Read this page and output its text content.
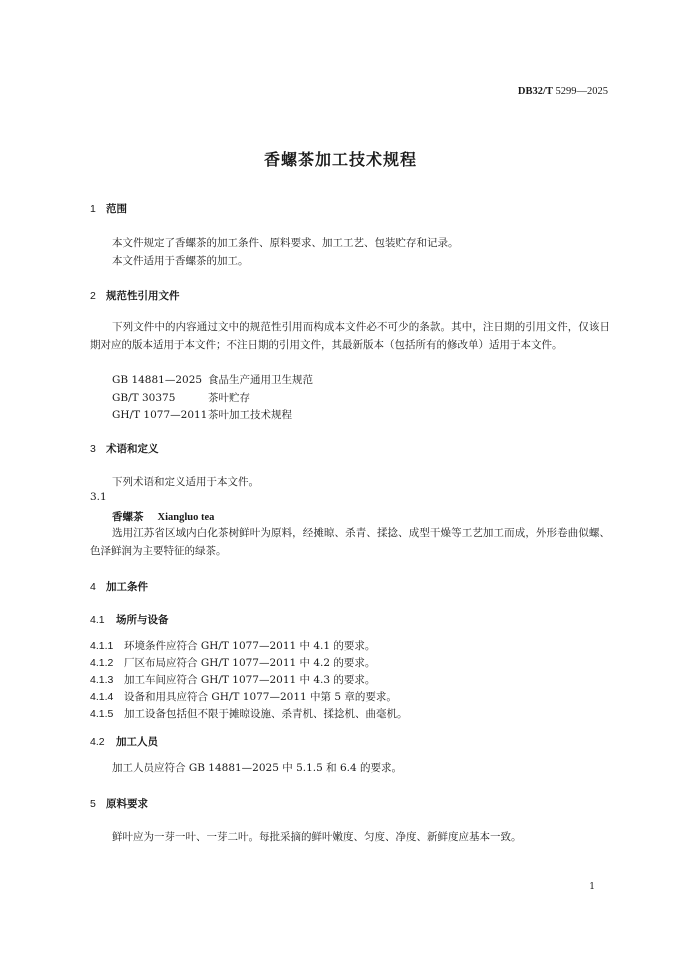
DB32/T 5299—2025
香螺茶加工技术规程
1 范围
本文件规定了香螺茶的加工条件、原料要求、加工工艺、包装贮存和记录。
本文件适用于香螺茶的加工。
2 规范性引用文件
下列文件中的内容通过文中的规范性引用而构成本文件必不可少的条款。其中，注日期的引用文件，仅该日期对应的版本适用于本文件；不注日期的引用文件，其最新版本（包括所有的修改单）适用于本文件。
GB 14881—2025 食品生产通用卫生规范
GB/T 30375	茶叶贮存
GH/T 1077—2011茶叶加工技术规程
3 术语和定义
下列术语和定义适用于本文件。
3.1
香螺茶 Xiangluo tea
选用江苏省区域内白化茶树鲜叶为原料，经摊晾、杀青、揉捻、成型干燥等工艺加工而成，外形卷曲似螺、色泽鲜润为主要特征的绿茶。
4 加工条件
4.1 场所与设备
4.1.1 环境条件应符合 GH/T 1077—2011 中 4.1 的要求。
4.1.2 厂区布局应符合 GH/T 1077—2011 中 4.2 的要求。
4.1.3 加工车间应符合 GH/T 1077—2011 中 4.3 的要求。
4.1.4 设备和用具应符合 GH/T 1077—2011 中第 5 章的要求。
4.1.5 加工设备包括但不限于摊晾设施、杀青机、揉捻机、曲毫机。
4.2 加工人员
加工人员应符合 GB 14881—2025 中 5.1.5 和 6.4 的要求。
5 原料要求
鲜叶应为一芽一叶、一芽二叶。每批采摘的鲜叶嫩度、匀度、净度、新鲜度应基本一致。
1
